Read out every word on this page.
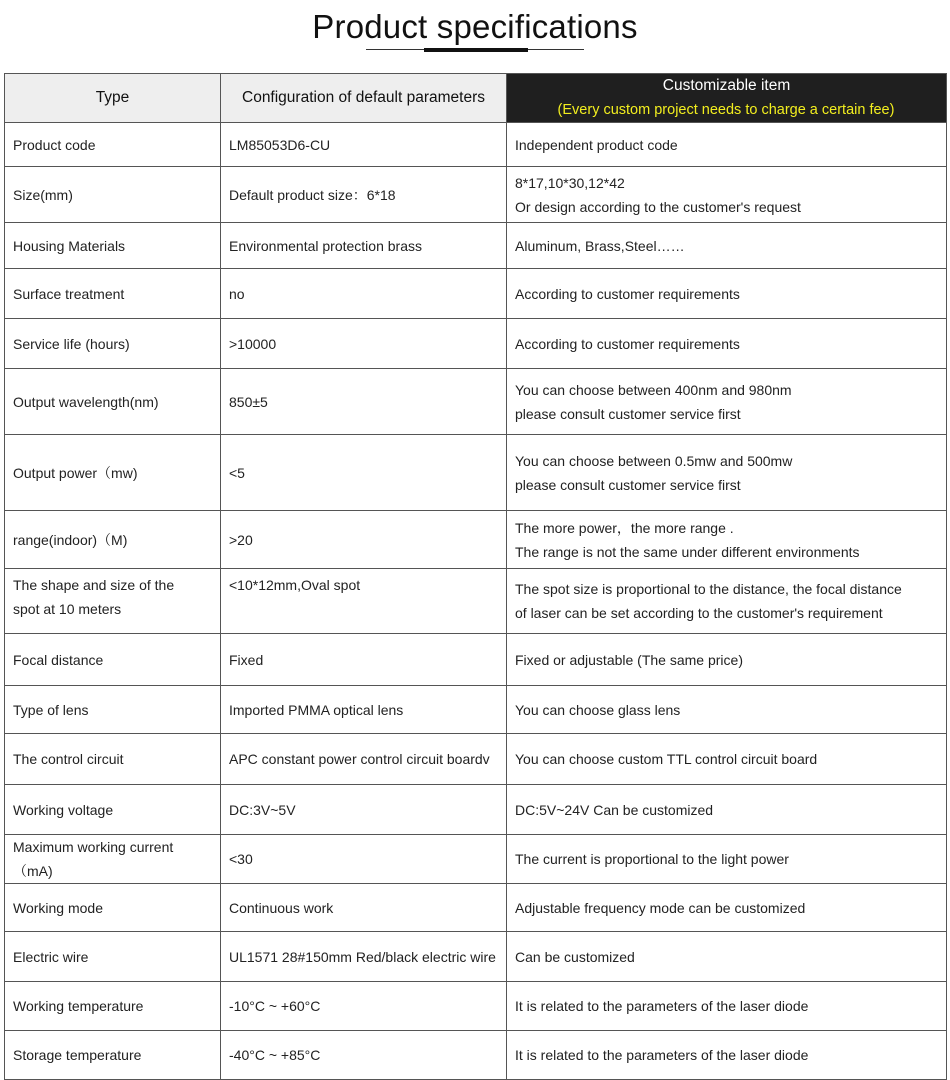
Product specifications
Type	Configuration of default parameters	Customizable item
(Every custom project needs to charge a certain fee)

Product code	LM85053D6-CU	Independent product code

Size(mm)	Default product size：6*18	8*17,10*30,12*42
Or design according to the customer's request

Housing Materials	Environmental protection brass	Aluminum, Brass,Steel……

Surface treatment	no	According to customer requirements

Service life (hours)	>10000	According to customer requirements

Output wavelength(nm)	850±5	You can choose between 400nm and 980nm
please consult customer service first

Output power（mw)	<5	You can choose between 0.5mw and 500mw
please consult customer service first

range(indoor)（M)	>20	The more power，the more range .
The range is not the same under different environments

The shape and size of the
spot at 10 meters	<10*12mm,Oval spot	The spot size is proportional to the distance, the focal distance
of laser can be set according to the customer's requirement

Focal distance	Fixed	Fixed or adjustable (The same price)

Type of lens	Imported PMMA optical lens	You can choose glass lens

The control circuit	APC constant power control circuit boardv	You can choose custom TTL control circuit board

Working voltage	DC:3V~5V	DC:5V~24V Can be customized

Maximum working current（mA)	<30	The current is proportional to the light power

Working mode	Continuous work	Adjustable frequency mode can be customized

Electric wire	UL1571 28#150mm Red/black electric wire	Can be customized

Working temperature	-10°C ~ +60°C	It is related to the parameters of the laser diode

Storage temperature	-40°C ~ +85°C	It is related to the parameters of the laser diode
